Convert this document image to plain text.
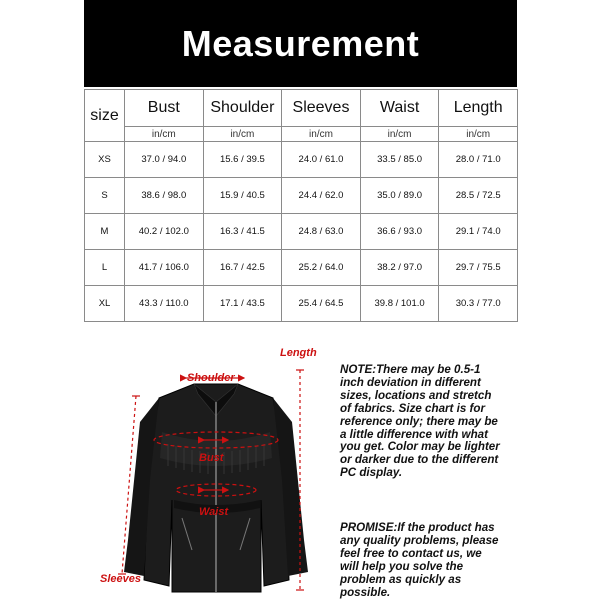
Measurement
size	Bust	Shoulder	Sleeves	Waist	Length
	in/cm	in/cm	in/cm	in/cm	in/cm
XS	37.0 / 94.0	15.6 / 39.5	24.0 / 61.0	33.5 / 85.0	28.0 / 71.0
S	38.6 / 98.0	15.9 / 40.5	24.4 / 62.0	35.0 / 89.0	28.5 / 72.5
M	40.2 / 102.0	16.3 / 41.5	24.8 / 63.0	36.6 / 93.0	29.1 / 74.0
L	41.7 / 106.0	16.7 / 42.5	25.2 / 64.0	38.2 / 97.0	29.7 / 75.5
XL	43.3 / 110.0	17.1 / 43.5	25.4 / 64.5	39.8 / 101.0	30.3 / 77.0
Length
Shoulder
Bust
Waist
Sleeves
NOTE:There may be 0.5-1 inch deviation in different sizes, locations and stretch of fabrics. Size chart is for reference only; there may be a little difference with what you get. Color may be lighter or darker due to the different PC display.
PROMISE:If the product has any quality problems, please feel free to contact us, we will help you solve the problem as quickly as possible.
